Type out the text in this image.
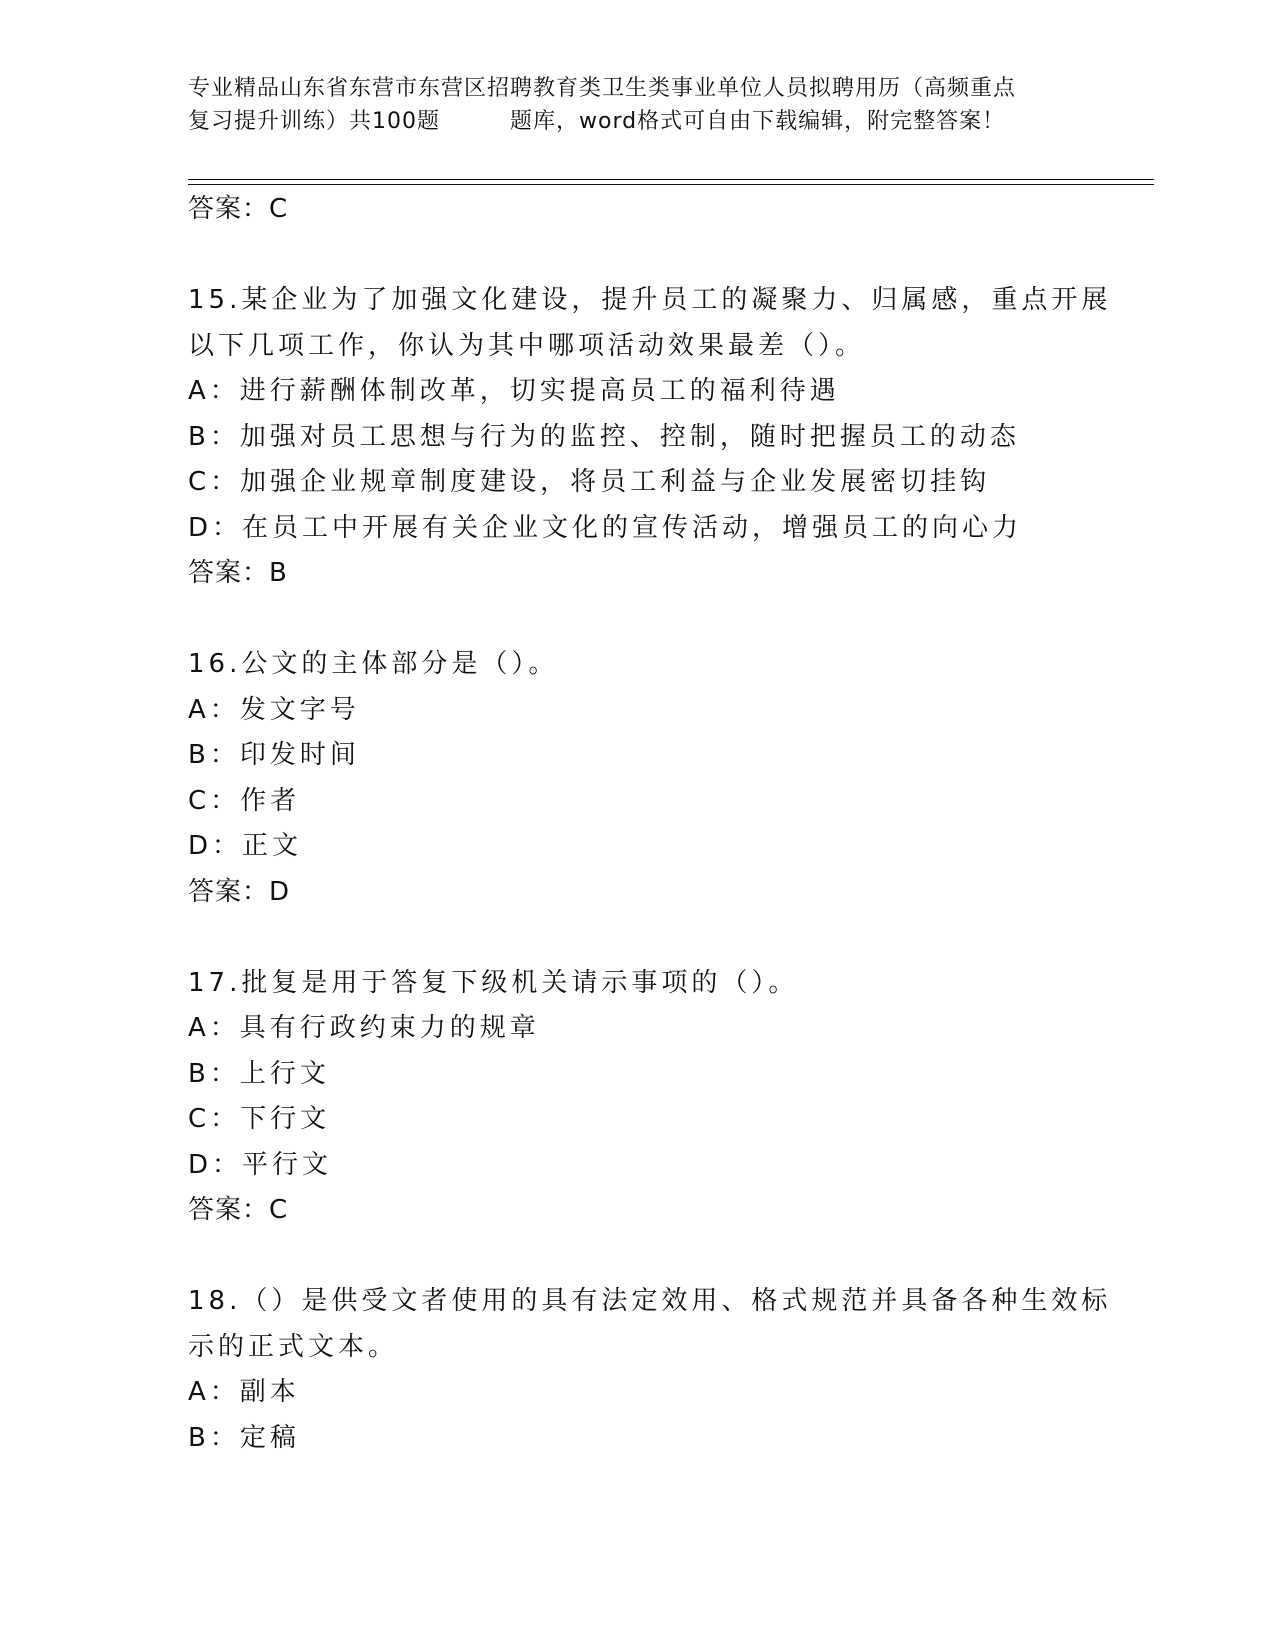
专业精品山东省东营市东营区招聘教育类卫生类事业单位人员拟聘用历（高频重点
复习提升训练）共100题	题库，word格式可自由下载编辑，附完整答案！
答案：C
15.某企业为了加强文化建设，提升员工的凝聚力、归属感，重点开展
以下几项工作，你认为其中哪项活动效果最差（）。
A：进行薪酬体制改革，切实提高员工的福利待遇
B：加强对员工思想与行为的监控、控制，随时把握员工的动态
C：加强企业规章制度建设，将员工利益与企业发展密切挂钩
D：在员工中开展有关企业文化的宣传活动，增强员工的向心力
答案：B
16.公文的主体部分是（）。
A：发文字号
B：印发时间
C：作者
D：正文
答案：D
17.批复是用于答复下级机关请示事项的（）。
A：具有行政约束力的规章
B：上行文
C：下行文
D：平行文
答案：C
18.（）是供受文者使用的具有法定效用、格式规范并具备各种生效标
示的正式文本。
A：副本
B：定稿
